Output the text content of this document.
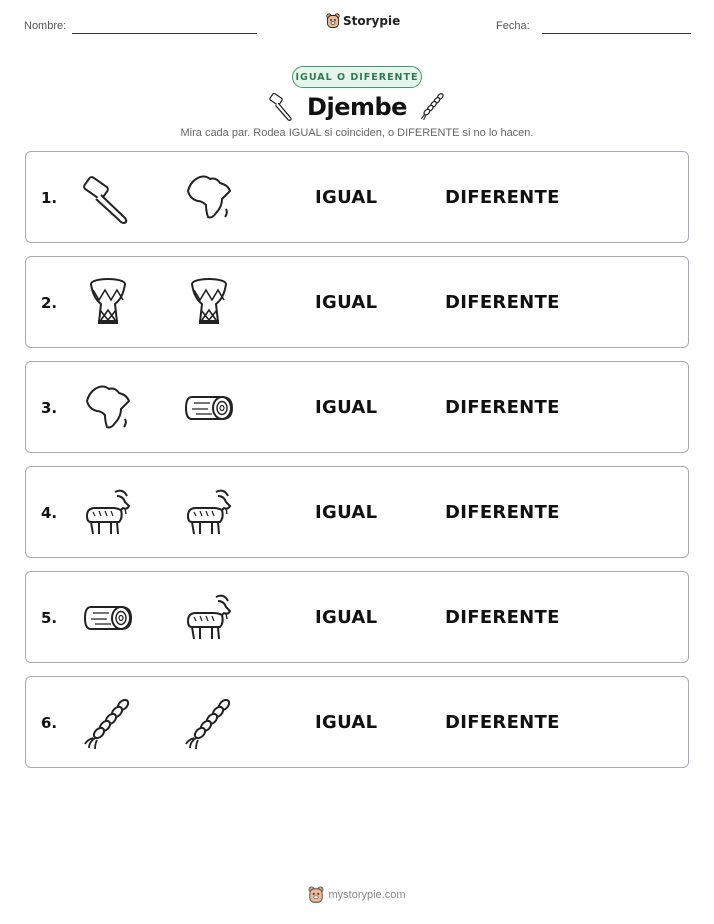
Nombre:	Storypie	Fecha:
IGUAL O DIFERENTE
Djembe
Mira cada par. Rodea IGUAL si coinciden, o DIFERENTE si no lo hacen.
1.	IGUAL	DIFERENTE
2.	IGUAL	DIFERENTE
3.	IGUAL	DIFERENTE
4.	IGUAL	DIFERENTE
5.	IGUAL	DIFERENTE
6.	IGUAL	DIFERENTE
mystorypie.com
